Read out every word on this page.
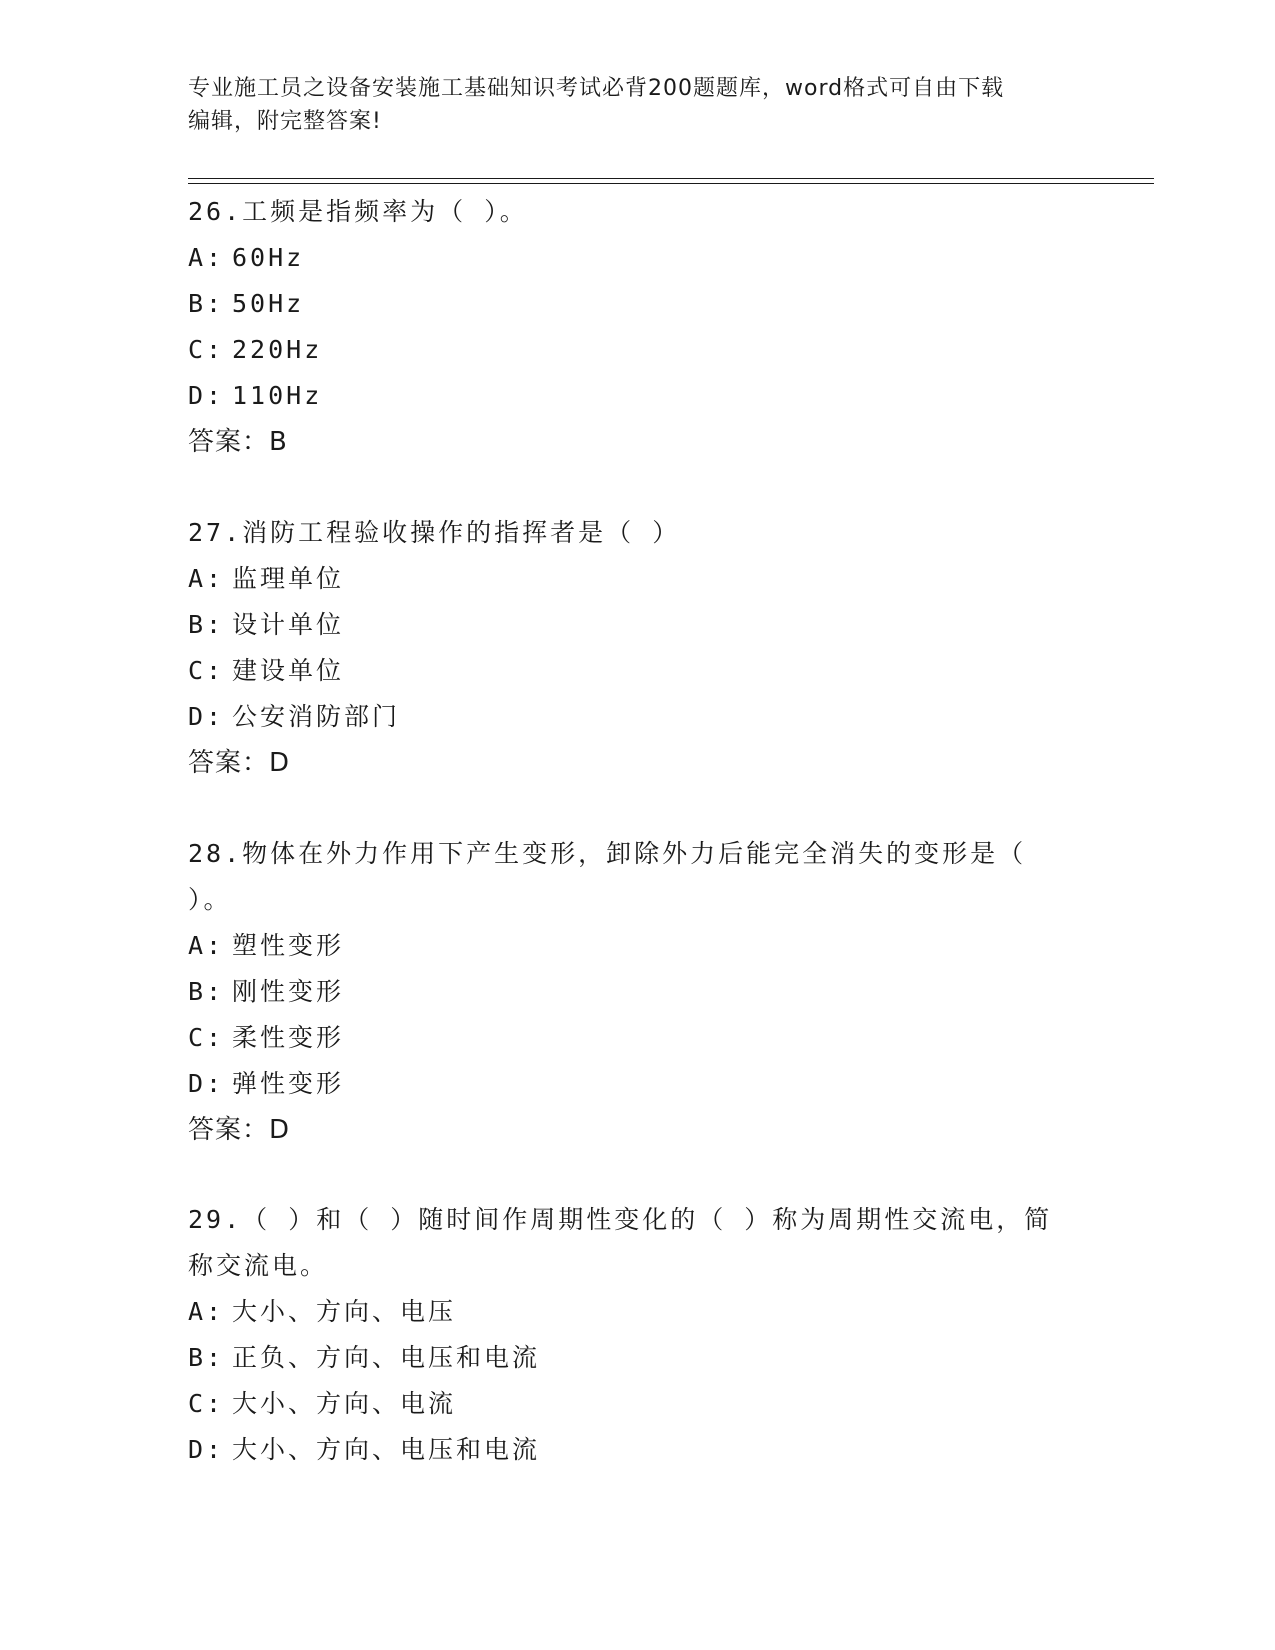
专业施工员之设备安装施工基础知识考试必背200题题库，word格式可自由下载
编辑，附完整答案!
26.工频是指频率为（ ）。
A: 60Hz
B: 50Hz
C: 220Hz
D: 110Hz
答案：B
27.消防工程验收操作的指挥者是（ ）
A: 监理单位
B: 设计单位
C: 建设单位
D: 公安消防部门
答案：D
28.物体在外力作用下产生变形，卸除外力后能完全消失的变形是（
）。
A: 塑性变形
B: 刚性变形
C: 柔性变形
D: 弹性变形
答案：D
29.（ ）和（ ）随时间作周期性变化的（ ）称为周期性交流电，简
称交流电。
A: 大小、方向、电压
B: 正负、方向、电压和电流
C: 大小、方向、电流
D: 大小、方向、电压和电流
